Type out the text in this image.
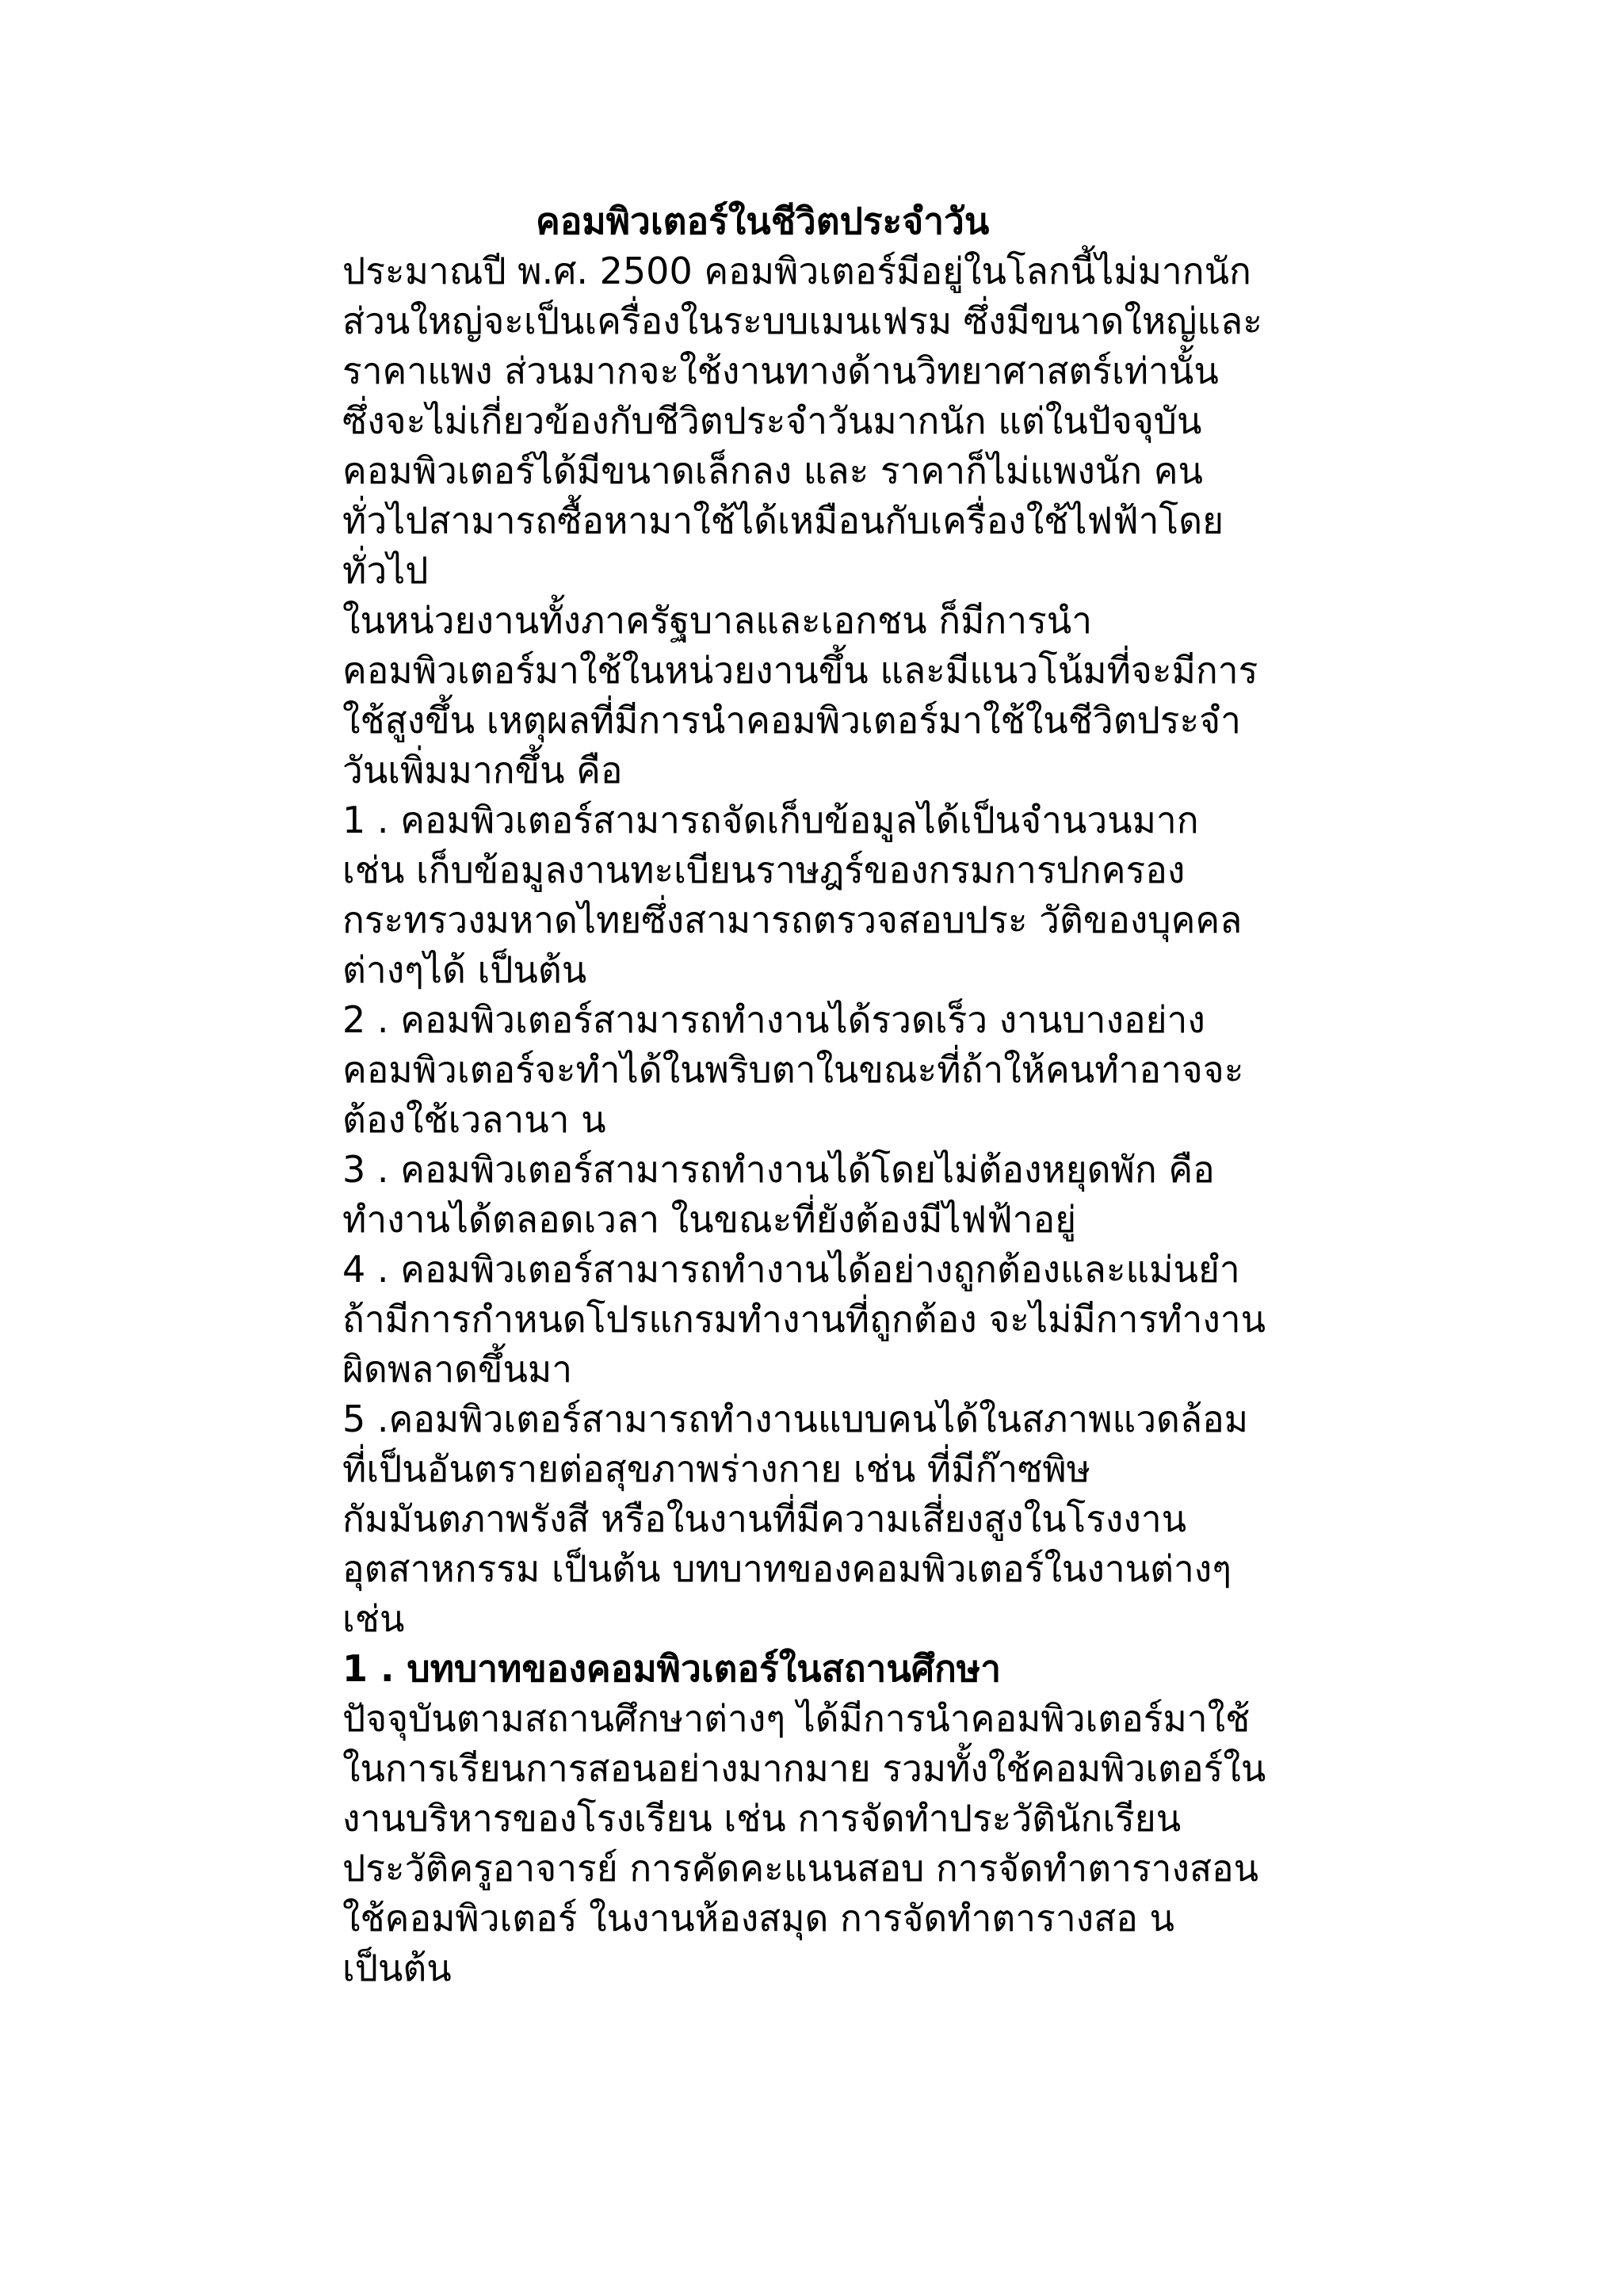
คอมพิวเตอร์ในชีวิตประจำวัน
ประมาณปี พ.ศ. 2500 คอมพิวเตอร์มีอยู่ในโลกนี้ไม่มากนัก
ส่วนใหญ่จะเป็นเครื่องในระบบเมนเฟรม ซึ่งมีขนาดใหญ่และ
ราคาแพง ส่วนมากจะใช้งานทางด้านวิทยาศาสตร์เท่านั้น
ซึ่งจะไม่เกี่ยวข้องกับชีวิตประจำวันมากนัก แต่ในปัจจุบัน
คอมพิวเตอร์ได้มีขนาดเล็กลง และ ราคาก็ไม่แพงนัก คน
ทั่วไปสามารถซื้อหามาใช้ได้เหมือนกับเครื่องใช้ไฟฟ้าโดย
ทั่วไป
ในหน่วยงานทั้งภาครัฐบาลและเอกชน ก็มีการนำ
คอมพิวเตอร์มาใช้ในหน่วยงานขึ้น และมีแนวโน้มที่จะมีการ
ใช้สูงขึ้น เหตุผลที่มีการนำคอมพิวเตอร์มาใช้ในชีวิตประจำ
วันเพิ่มมากขึ้น คือ
1 . คอมพิวเตอร์สามารถจัดเก็บข้อมูลได้เป็นจำนวนมาก
เช่น เก็บข้อมูลงานทะเบียนราษฎร์ของกรมการปกครอง
กระทรวงมหาดไทยซึ่งสามารถตรวจสอบประ วัติของบุคคล
ต่างๆได้ เป็นต้น
2 . คอมพิวเตอร์สามารถทำงานได้รวดเร็ว งานบางอย่าง
คอมพิวเตอร์จะทำได้ในพริบตาในขณะที่ถ้าให้คนทำอาจจะ
ต้องใช้เวลานา น
3 . คอมพิวเตอร์สามารถทำงานได้โดยไม่ต้องหยุดพัก คือ
ทำงานได้ตลอดเวลา ในขณะที่ยังต้องมีไฟฟ้าอยู่
4 . คอมพิวเตอร์สามารถทำงานได้อย่างถูกต้องและแม่นยำ
ถ้ามีการกำหนดโปรแกรมทำงานที่ถูกต้อง จะไม่มีการทำงาน
ผิดพลาดขึ้นมา
5 .คอมพิวเตอร์สามารถทำงานแบบคนได้ในสภาพแวดล้อม
ที่เป็นอันตรายต่อสุขภาพร่างกาย เช่น ที่มีก๊าซพิษ
กัมมันตภาพรังสี หรือในงานที่มีความเสี่ยงสูงในโรงงาน
อุตสาหกรรม เป็นต้น บทบาทของคอมพิวเตอร์ในงานต่างๆ
เช่น
1 . บทบาทของคอมพิวเตอร์ในสถานศึกษา
ปัจจุบันตามสถานศึกษาต่างๆ ได้มีการนำคอมพิวเตอร์มาใช้
ในการเรียนการสอนอย่างมากมาย รวมทั้งใช้คอมพิวเตอร์ใน
งานบริหารของโรงเรียน เช่น การจัดทำประวัตินักเรียน
ประวัติครูอาจารย์ การคัดคะแนนสอบ การจัดทำตารางสอน
ใช้คอมพิวเตอร์ ในงานห้องสมุด การจัดทำตารางสอ น
เป็นต้น
